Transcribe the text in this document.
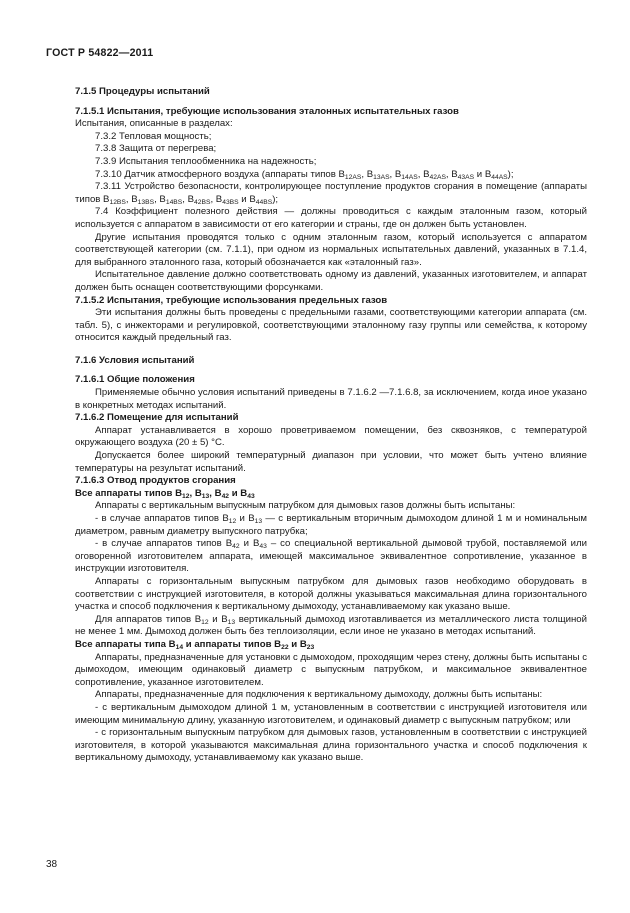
ГОСТ Р 54822—2011
7.1.5 Процедуры испытаний
7.1.5.1 Испытания, требующие использования эталонных испытательных газов
Испытания, описанные в разделах:
7.3.2 Тепловая мощность;
7.3.8 Защита от перегрева;
7.3.9 Испытания теплообменника на надежность;
7.3.10 Датчик атмосферного воздуха (аппараты типов $B_{12AS}$, $B_{13AS}$, $B_{14AS}$, $B_{42AS}$, $B_{43AS}$ и $B_{44AS}$);
7.3.11 Устройство безопасности, контролирующее поступление продуктов сгорания в помещение (аппараты типов $B_{12BS}$, $B_{13BS}$, $B_{14BS}$, $B_{42BS}$, $B_{43BS}$ и $B_{44BS}$);
7.4 Коэффициент полезного действия — должны проводиться с каждым эталонным газом, который используется с аппаратом в зависимости от его категории и страны, где он должен быть установлен.
Другие испытания проводятся только с одним эталонным газом, который используется с аппаратом соответствующей категории (см. 7.1.1), при одном из нормальных испытательных давлений, указанных в 7.1.4, для выбранного эталонного газа, который обозначается как «эталонный газ».
Испытательное давление должно соответствовать одному из давлений, указанных изготовителем, и аппарат должен быть оснащен соответствующими форсунками.
7.1.5.2 Испытания, требующие использования предельных газов
Эти испытания должны быть проведены с предельными газами, соответствующими категории аппарата (см. табл. 5), с инжекторами и регулировкой, соответствующими эталонному газу группы или семейства, к которому относится каждый предельный газ.
7.1.6 Условия испытаний
7.1.6.1 Общие положения
Применяемые обычно условия испытаний приведены в 7.1.6.2 —7.1.6.8, за исключением, когда иное указано в конкретных методах испытаний.
7.1.6.2 Помещение для испытаний
Аппарат устанавливается в хорошо проветриваемом помещении, без сквозняков, с температурой окружающего воздуха (20 ± 5) °С.
Допускается более широкий температурный диапазон при условии, что может быть учтено влияние температуры на результат испытаний.
7.1.6.3 Отвод продуктов сгорания
Все аппараты типов $B_{12}$, $B_{13}$, $B_{42}$ и $B_{43}$
Аппараты с вертикальным выпускным патрубком для дымовых газов должны быть испытаны:
- в случае аппаратов типов $B_{12}$ и $B_{13}$ — с вертикальным вторичным дымоходом длиной 1 м и номинальным диаметром, равным диаметру выпускного патрубка;
- в случае аппаратов типов $B_{42}$ и $B_{43}$ – со специальной вертикальной дымовой трубой, поставляемой или оговоренной изготовителем аппарата, имеющей максимальное эквивалентное сопротивление, указанное в инструкции изготовителя.
Аппараты с горизонтальным выпускным патрубком для дымовых газов необходимо оборудовать в соответствии с инструкцией изготовителя, в которой должны указываться максимальная длина горизонтального участка и способ подключения к вертикальному дымоходу, устанавливаемому как указано выше.
Для аппаратов типов $B_{12}$ и $B_{13}$ вертикальный дымоход изготавливается из металлического листа толщиной не менее 1 мм. Дымоход должен быть без теплоизоляции, если иное не указано в методах испытаний.
Все аппараты типа $B_{14}$ и аппараты типов $B_{22}$ и $B_{23}$
Аппараты, предназначенные для установки с дымоходом, проходящим через стену, должны быть испытаны с дымоходом, имеющим одинаковый диаметр с выпускным патрубком, и максимальное эквивалентное сопротивление, указанное изготовителем.
Аппараты, предназначенные для подключения к вертикальному дымоходу, должны быть испытаны:
- с вертикальным дымоходом длиной 1 м, установленным в соответствии с инструкцией изготовителя или имеющим минимальную длину, указанную изготовителем, и одинаковый диаметр с выпускным патрубком; или
- с горизонтальным выпускным патрубком для дымовых газов, установленным в соответствии с инструкцией изготовителя, в которой указываются максимальная длина горизонтального участка и способ подключения к вертикальному дымоходу, устанавливаемому как указано выше.
38
